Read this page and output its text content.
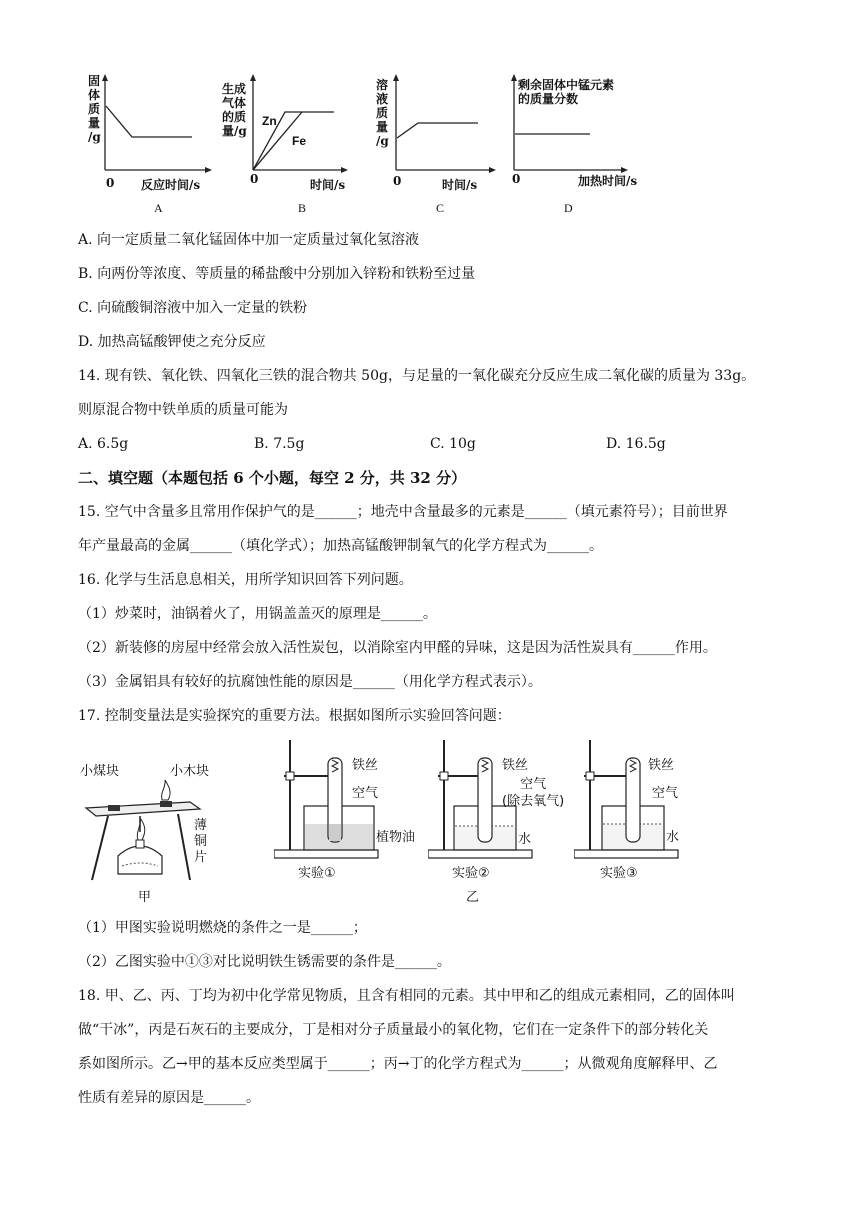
固
体
质
量
/g
0 反应时间/s
A
生成
气体
的质
量/g
Zn
Fe
0	时间/s
B
溶
液
质
量
/g
0	时间/s
C
剩余固体中锰元素
的质量分数
0	加热时间/s
D
A. 向一定质量二氧化锰固体中加一定质量过氧化氢溶液
B. 向两份等浓度、等质量的稀盐酸中分别加入锌粉和铁粉至过量
C. 向硫酸铜溶液中加入一定量的铁粉
D. 加热高锰酸钾使之充分反应
14. 现有铁、氧化铁、四氧化三铁的混合物共 50g，与足量的一氧化碳充分反应生成二氧化碳的质量为 33g。
则原混合物中铁单质的质量可能为
A. 6.5g	B. 7.5g	C. 10g	D. 16.5g
二、填空题（本题包括 6 个小题，每空 2 分，共 32 分）
15. 空气中含量多且常用作保护气的是______；地壳中含量最多的元素是______（填元素符号）；目前世界
年产量最高的金属______（填化学式）；加热高锰酸钾制氧气的化学方程式为______。
16. 化学与生活息息相关，用所学知识回答下列问题。
（1）炒菜时，油锅着火了，用锅盖盖灭的原理是______。
（2）新装修的房屋中经常会放入活性炭包，以消除室内甲醛的异味，这是因为活性炭具有______作用。
（3）金属铝具有较好的抗腐蚀性能的原因是______（用化学方程式表示）。
17. 控制变量法是实验探究的重要方法。根据如图所示实验回答问题：
小煤块	小木块
薄
铜
片
甲
铁丝
空气
植物油
实验①
铁丝
空气
(除去氧气)
水
实验②
乙
铁丝
空气
水
实验③
（1）甲图实验说明燃烧的条件之一是______；
（2）乙图实验中①③对比说明铁生锈需要的条件是______。
18. 甲、乙、丙、丁均为初中化学常见物质，且含有相同的元素。其中甲和乙的组成元素相同，乙的固体叫
做“干冰”，丙是石灰石的主要成分，丁是相对分子质量最小的氧化物，它们在一定条件下的部分转化关
系如图所示。乙→甲的基本反应类型属于______；丙→丁的化学方程式为______；从微观角度解释甲、乙
性质有差异的原因是______。
